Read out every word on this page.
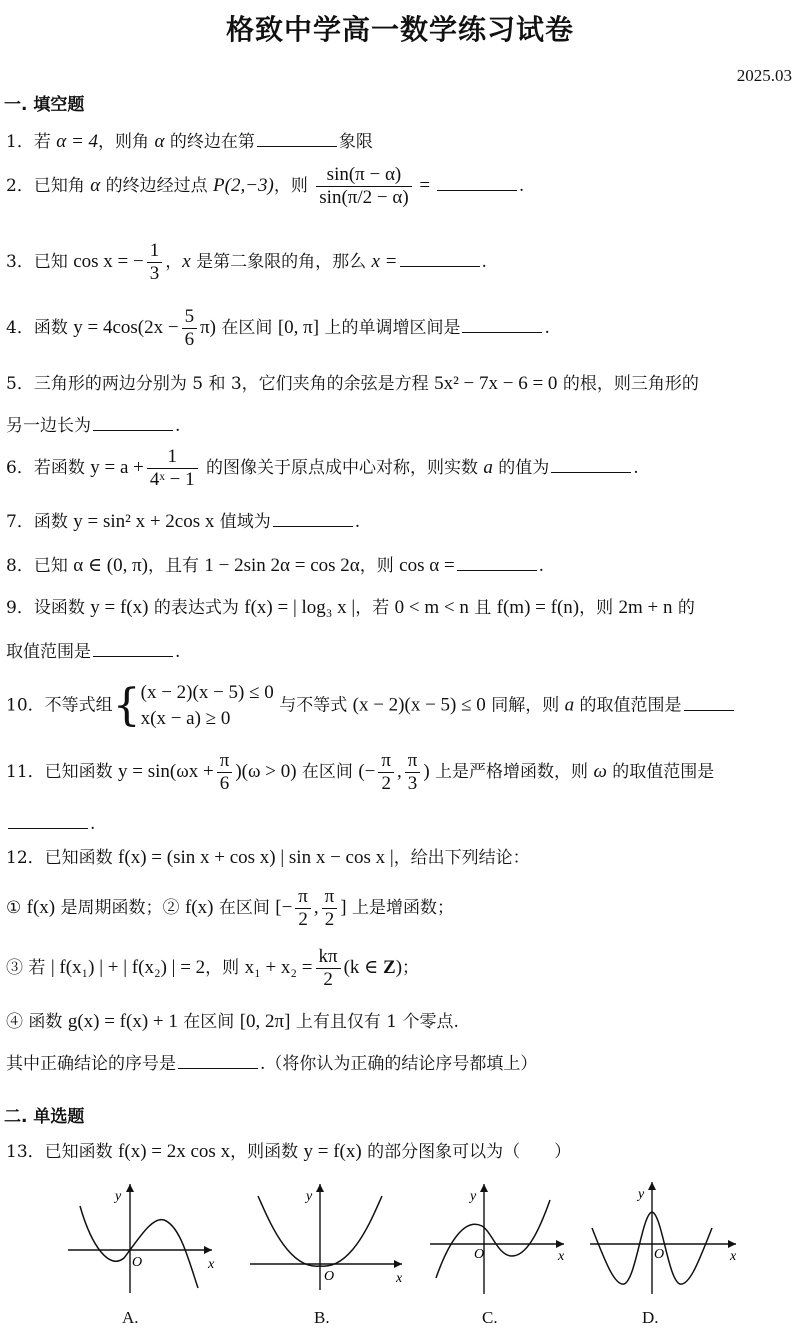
格致中学高一数学练习试卷
2025.03
一. 填空题
1．若 α = 4，则角 α 的终边在第	象限
2．已知角 α 的终边经过点 P(2,−3)，则 $\frac{\sin(\pi - \alpha)}{\sin(\pi/2 - \alpha)}$ =	.
3．已知 cos x = − $\frac{1}{3}$ ，x 是第二象限的角，那么 x =	.
4．函数 $y = 4\cos(2x - \frac{5}{6} \pi)$ 在区间 [0, π] 上的单调增区间是	.
5．三角形的两边分别为 5 和 3，它们夹角的余弦是方程 5x² − 7x − 6 = 0 的根，则三角形的
另一边长为	.
6．若函数 $y = a + \frac{1}{\text{4ˣ − 1}}$ 的图像关于原点成中心对称，则实数 a 的值为	.
7．函数 y = sin² x + 2cos x 值域为	.
8．已知 α ∈ (0, π)，且有 1 − 2sin 2α = cos 2α，则 cos α =	.
9．设函数 y = f(x) 的表达式为 f(x) = | log₃ x |，若 0 < m < n 且 f(m) = f(n)，则 2m + n 的
取值范围是	.
10．不等式组{ (x − 2)(x − 5) ≤ 0
x(x − a) ≥ 0
与不等式 (x − 2)(x − 5) ≤ 0 同解，则 a 的取值范围是
11．已知函数 $y = \sin(\omega x + \frac{\pi}{6} )(\omega > 0)$ 在区间 (− $\frac{\pi}{2}$ , $\frac{\pi}{3}$ ) 上是严格增函数，则 ω 的取值范围是
.
12．已知函数 f(x) = (sin x + cos x) | sin x − cos x |，给出下列结论：
① f(x) 是周期函数；② f(x) 在区间 [− $\frac{\pi}{2}$ , $\frac{\pi}{2}$ ] 上是增函数；
③ 若 | f(x₁) | + | f(x₂) | = 2，则 $x_1 + x_2 = \frac{k\pi}{2} (k$ ∈ Z)；
④ 函数 g(x) = f(x) + 1 在区间 [0, 2π] 上有且仅有 1 个零点.
其中正确结论的序号是	.（将你认为正确的结论序号都填上）
二. 单选题
13．已知函数 f(x) = 2x cos x，则函数 y = f(x) 的部分图象可以为（　　）
y
x
O
y
x
O
y
x
O
y
x
O
A.	B.	C.	D.
